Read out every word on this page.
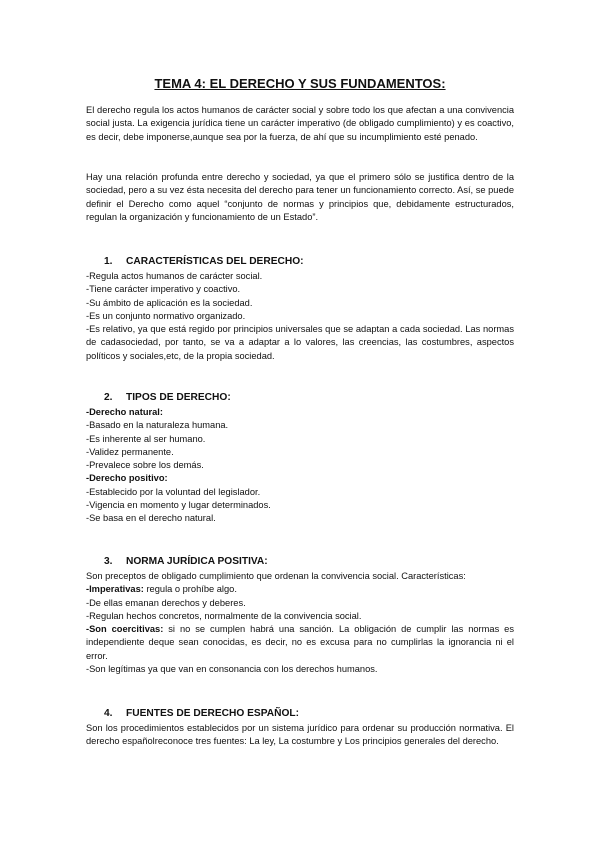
TEMA 4: EL DERECHO Y SUS FUNDAMENTOS:

El derecho regula los actos humanos de carácter social y sobre todo los que afectan a una convivencia social justa. La exigencia jurídica tiene un carácter imperativo (de obligado cumplimiento) y es coactivo, es decir, debe imponerse,aunque sea por la fuerza, de ahí que su incumplimiento esté penado.

Hay una relación profunda entre derecho y sociedad, ya que el primero sólo se justifica dentro de la sociedad, pero a su vez ésta necesita del derecho para tener un funcionamiento correcto. Así, se puede definir el Derecho como aquel “conjunto de normas y principios que, debidamente estructurados, regulan la organización y funcionamiento de un Estado”.

1. CARACTERÍSTICAS DEL DERECHO:
-Regula actos humanos de carácter social.
-Tiene carácter imperativo y coactivo.
-Su ámbito de aplicación es la sociedad.
-Es un conjunto normativo organizado.
-Es relativo, ya que está regido por principios universales que se adaptan a cada sociedad. Las normas de cadasociedad, por tanto, se va a adaptar a lo valores, las creencias, las costumbres, aspectos políticos y sociales,etc, de la propia sociedad.
2. TIPOS DE DERECHO:
-Derecho natural:
-Basado en la naturaleza humana.
-Es inherente al ser humano.
-Validez permanente.
-Prevalece sobre los demás.
-Derecho positivo:
-Establecido por la voluntad del legislador.
-Vigencia en momento y lugar determinados.
-Se basa en el derecho natural.
3. NORMA JURÍDICA POSITIVA:
Son preceptos de obligado cumplimiento que ordenan la convivencia social. Características:
-Imperativas: regula o prohíbe algo.
-De ellas emanan derechos y deberes.
-Regulan hechos concretos, normalmente de la convivencia social.
-Son coercitivas: si no se cumplen habrá una sanción. La obligación de cumplir las normas es independiente deque sean conocidas, es decir, no es excusa para no cumplirlas la ignorancia ni el error.
-Son legítimas ya que van en consonancia con los derechos humanos.
4. FUENTES DE DERECHO ESPAÑOL:

Son los procedimientos establecidos por un sistema jurídico para ordenar su producción normativa. El derecho españolreconoce tres fuentes: La ley, La costumbre y Los principios generales del derecho.
